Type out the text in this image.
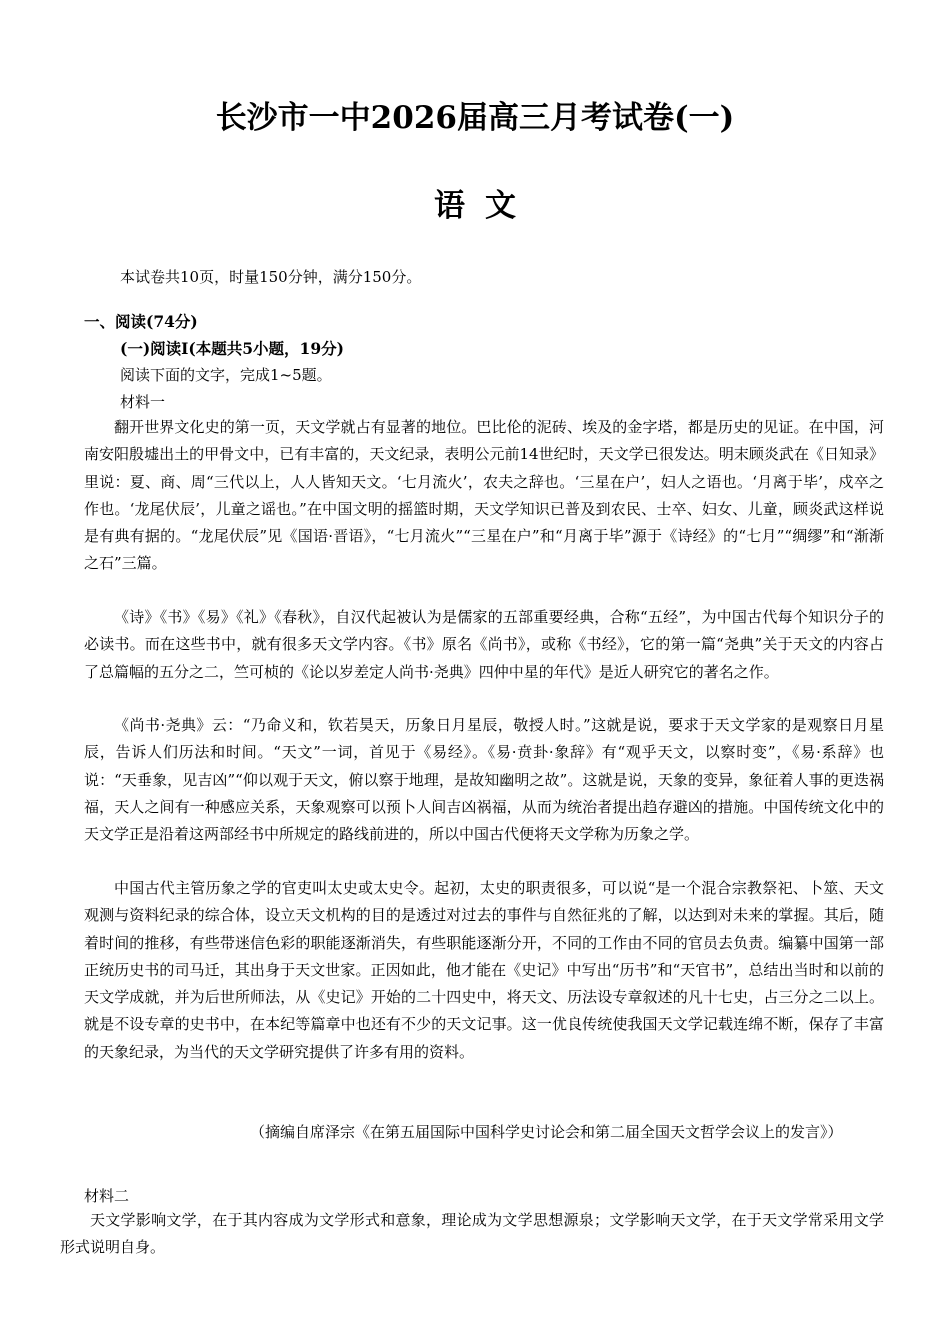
长沙市一中2026届高三月考试卷(一)
语文
本试卷共10页，时量150分钟，满分150分。
一、阅读(74分)
(一)阅读Ⅰ(本题共5小题，19分)
阅读下面的文字，完成1~5题。
材料一

翻开世界文化史的第一页，天文学就占有显著的地位。巴比伦的泥砖、埃及的金字塔，都是历史的见证。在中国，河南安阳殷墟出土的甲骨文中，已有丰富的，天文纪录，表明公元前14世纪时，天文学已很发达。明末顾炎武在《日知录》里说：夏、商、周“三代以上，人人皆知天文。‘七月流火’，农夫之辞也。‘三星在户’，妇人之语也。‘月离于毕’，戍卒之作也。‘龙尾伏辰’，儿童之谣也。”在中国文明的摇篮时期，天文学知识已普及到农民、士卒、妇女、儿童，顾炎武这样说是有典有据的。“龙尾伏辰”见《国语·晋语》，“七月流火”“三星在户”和“月离于毕”源于《诗经》的“七月”“绸缪”和“渐渐之石”三篇。

《诗》《书》《易》《礼》《春秋》，自汉代起被认为是儒家的五部重要经典，合称“五经”，为中国古代每个知识分子的必读书。而在这些书中，就有很多天文学内容。《书》原名《尚书》，或称《书经》，它的第一篇“尧典”关于天文的内容占了总篇幅的五分之二，竺可桢的《论以岁差定人尚书·尧典》四仲中星的年代》是近人研究它的著名之作。

《尚书·尧典》云：“乃命义和，钦若昊天，历象日月星辰，敬授人时。”这就是说，要求于天文学家的是观察日月星辰，告诉人们历法和时间。“天文”一词，首见于《易经》。《易·贲卦·象辞》有“观乎天文，以察时变”，《易·系辞》也说：“天垂象，见吉凶”“仰以观于天文，俯以察于地理，是故知幽明之故”。这就是说，天象的变异，象征着人事的更迭祸福，天人之间有一种感应关系，天象观察可以预卜人间吉凶祸福，从而为统治者提出趋存避凶的措施。中国传统文化中的天文学正是沿着这两部经书中所规定的路线前进的，所以中国古代便将天文学称为历象之学。

中国古代主管历象之学的官吏叫太史或太史令。起初，太史的职责很多，可以说“是一个混合宗教祭祀、卜筮、天文观测与资料纪录的综合体，设立天文机构的目的是透过对过去的事件与自然征兆的了解，以达到对未来的掌握。其后，随着时间的推移，有些带迷信色彩的职能逐渐消失，有些职能逐渐分开，不同的工作由不同的官员去负责。编纂中国第一部正统历史书的司马迁，其出身于天文世家。正因如此，他才能在《史记》中写出“历书”和“天官书”，总结出当时和以前的天文学成就，并为后世所师法，从《史记》开始的二十四史中，将天文、历法设专章叙述的凡十七史，占三分之二以上。就是不设专章的史书中，在本纪等篇章中也还有不少的天文记事。这一优良传统使我国天文学记载连绵不断，保存了丰富的天象纪录，为当代的天文学研究提供了许多有用的资料。

（摘编自席泽宗《在第五届国际中国科学史讨论会和第二届全国天文哲学会议上的发言》）

材料二

天文学影响文学，在于其内容成为文学形式和意象，理论成为文学思想源泉；文学影响天文学，在于天文学常采用文学形式说明自身。
